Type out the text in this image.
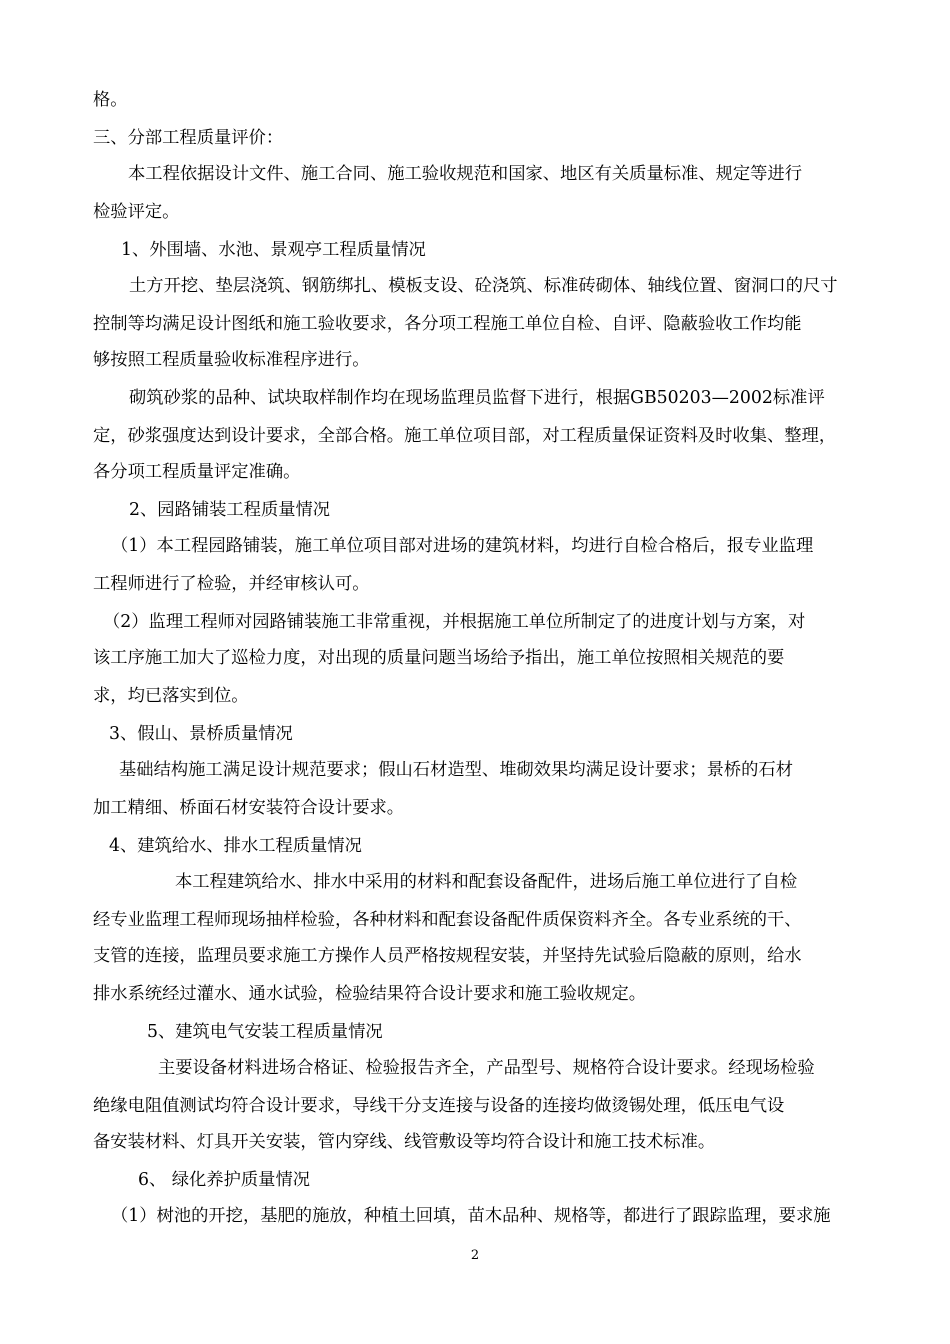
格。
三、分部工程质量评价：
本工程依据设计文件、施工合同、施工验收规范和国家、地区有关质量标准、规定等进行
检验评定。
1、外围墙、水池、景观亭工程质量情况
土方开挖、垫层浇筑、钢筋绑扎、模板支设、砼浇筑、标准砖砌体、轴线位置、窗洞口的尺寸
控制等均满足设计图纸和施工验收要求，各分项工程施工单位自检、自评、隐蔽验收工作均能
够按照工程质量验收标准程序进行。
砌筑砂浆的品种、试块取样制作均在现场监理员监督下进行，根据GB50203—2002标准评
定，砂浆强度达到设计要求，全部合格。施工单位项目部，对工程质量保证资料及时收集、整理，
各分项工程质量评定准确。
2、园路铺装工程质量情况
（1）本工程园路铺装，施工单位项目部对进场的建筑材料，均进行自检合格后，报专业监理
工程师进行了检验，并经审核认可。
（2）监理工程师对园路铺装施工非常重视，并根据施工单位所制定了的进度计划与方案，对
该工序施工加大了巡检力度，对出现的质量问题当场给予指出，施工单位按照相关规范的要
求，均已落实到位。
3、假山、景桥质量情况
基础结构施工满足设计规范要求；假山石材造型、堆砌效果均满足设计要求；景桥的石材
加工精细、桥面石材安装符合设计要求。
4、建筑给水、排水工程质量情况
本工程建筑给水、排水中采用的材料和配套设备配件，进场后施工单位进行了自检
经专业监理工程师现场抽样检验，各种材料和配套设备配件质保资料齐全。各专业系统的干、
支管的连接，监理员要求施工方操作人员严格按规程安装，并坚持先试验后隐蔽的原则，给水
排水系统经过灌水、通水试验，检验结果符合设计要求和施工验收规定。
5、建筑电气安装工程质量情况
主要设备材料进场合格证、检验报告齐全，产品型号、规格符合设计要求。经现场检验
绝缘电阻值测试均符合设计要求，导线干分支连接与设备的连接均做烫锡处理，低压电气设
备安装材料、灯具开关安装，管内穿线、线管敷设等均符合设计和施工技术标准。
6、 绿化养护质量情况
（1）树池的开挖，基肥的施放，种植土回填，苗木品种、规格等，都进行了跟踪监理，要求施
2
